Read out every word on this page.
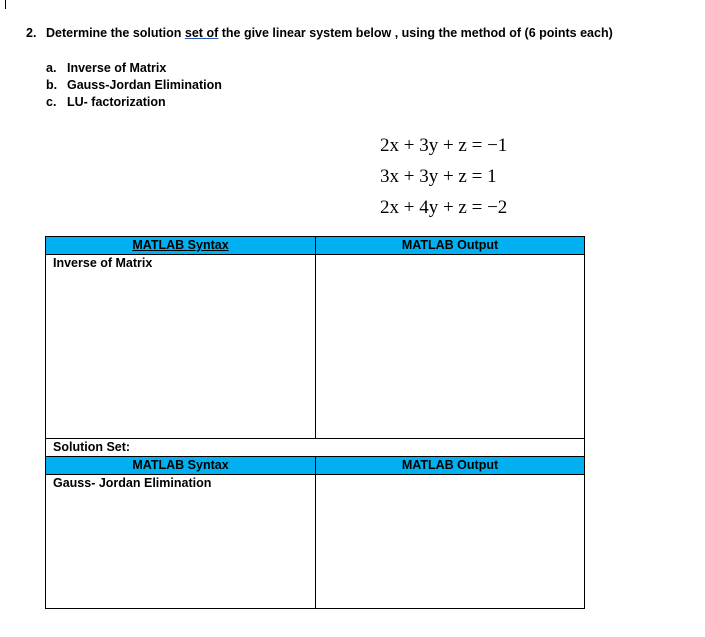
2. Determine the solution set of the give linear system below , using the method of (6 points each)
a. Inverse of Matrix
b. Gauss-Jordan Elimination
c. LU- factorization
2x + 3y + z = −1
3x + 3y + z = 1
2x + 4y + z = −2
MATLAB Syntax	MATLAB Output
Inverse of Matrix	
Solution Set:	
MATLAB Syntax	MATLAB Output
Gauss- Jordan Elimination	
